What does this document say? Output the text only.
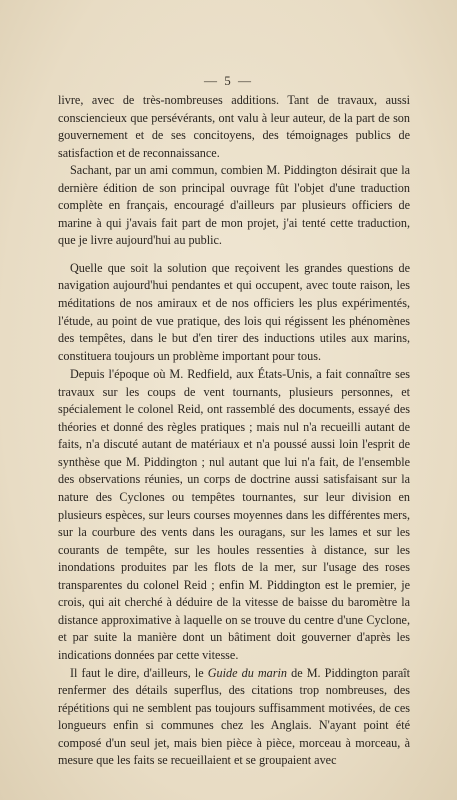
— 5 —

livre, avec de très-nombreuses additions. Tant de travaux, aussi consciencieux que persévérants, ont valu à leur auteur, de la part de son gouvernement et de ses concitoyens, des témoignages publics de satisfaction et de reconnaissance.

Sachant, par un ami commun, combien M. Piddington désirait que la dernière édition de son principal ouvrage fût l'objet d'une traduction complète en français, encouragé d'ailleurs par plusieurs officiers de marine à qui j'avais fait part de mon projet, j'ai tenté cette traduction, que je livre aujourd'hui au public.

Quelle que soit la solution que reçoivent les grandes questions de navigation aujourd'hui pendantes et qui occupent, avec toute raison, les méditations de nos amiraux et de nos officiers les plus expérimentés, l'étude, au point de vue pratique, des lois qui régissent les phénomènes des tempêtes, dans le but d'en tirer des inductions utiles aux marins, constituera toujours un problème important pour tous.

Depuis l'époque où M. Redfield, aux États-Unis, a fait connaître ses travaux sur les coups de vent tournants, plusieurs personnes, et spécialement le colonel Reid, ont rassemblé des documents, essayé des théories et donné des règles pratiques ; mais nul n'a recueilli autant de faits, n'a discuté autant de matériaux et n'a poussé aussi loin l'esprit de synthèse que M. Piddington ; nul autant que lui n'a fait, de l'ensemble des observations réunies, un corps de doctrine aussi satisfaisant sur la nature des Cyclones ou tempêtes tournantes, sur leur division en plusieurs espèces, sur leurs courses moyennes dans les différentes mers, sur la courbure des vents dans les ouragans, sur les lames et sur les courants de tempête, sur les houles ressenties à distance, sur les inondations produites par les flots de la mer, sur l'usage des roses transparentes du colonel Reid ; enfin M. Piddington est le premier, je crois, qui ait cherché à déduire de la vitesse de baisse du baromètre la distance approximative à laquelle on se trouve du centre d'une Cyclone, et par suite la manière dont un bâtiment doit gouverner d'après les indications données par cette vitesse.

Il faut le dire, d'ailleurs, le Guide du marin de M. Piddington paraît renfermer des détails superflus, des citations trop nombreuses, des répétitions qui ne semblent pas toujours suffisamment motivées, de ces longueurs enfin si communes chez les Anglais. N'ayant point été composé d'un seul jet, mais bien pièce à pièce, morceau à morceau, à mesure que les faits se recueillaient et se groupaient avec
